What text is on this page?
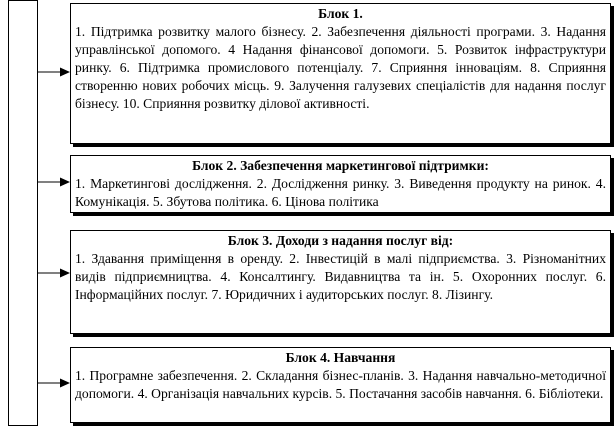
Блок 1.
1. Підтримка розвитку малого бізнесу. 2. Забезпечення діяльності програми. 3. Надання управлінської допомого. 4 Надання фінансової допомоги. 5. Розвиток інфраструктури ринку. 6. Підтримка промислового потенціалу. 7. Сприяння інноваціям. 8. Сприяння створенню нових робочих місць. 9. Залучення галузевих спеціалістів для надання послуг бізнесу. 10. Сприяння розвитку ділової активності.
Блок 2. Забезпечення маркетингової підтримки:
1. Маркетингові дослідження. 2. Дослідження ринку. 3. Виведення продукту на ринок. 4. Комунікація. 5. Збутова політика. 6. Цінова політика
Блок 3. Доходи з надання послуг від:
1. Здавання приміщення в оренду. 2. Інвестицій в малі підприємства. 3. Різноманітних видів підприємництва. 4. Консалтингу. Видавництва та ін. 5. Охоронних послуг. 6. Інформаційних послуг. 7. Юридичних і аудиторських послуг. 8. Лізингу.
Блок 4. Навчання
1. Програмне забезпечення. 2. Складання бізнес-планів. 3. Надання навчально-методичної допомоги. 4. Організація навчальних курсів. 5. Постачання засобів навчання. 6. Бібліотеки.
